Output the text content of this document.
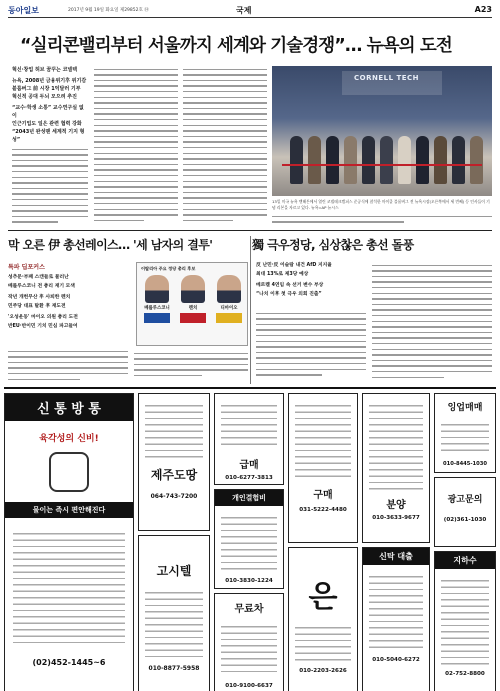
동아일보	2017년 9월 19일 화요일 제29852호 ⑭	국제	A23
“실리콘밸리부터 서울까지 세계와 기술경쟁”… 뉴욕의 도전
혁신·창업 허브 꿈꾸는 코넬텍
뉴욕, 2008년 금융위기후 위기감
블룸버그 前 시장 1억달러 기부
혁신적 공대 두뇌 모으려 추진
“교수·학생 소통” 교수연구실 없이
인근기업도 일은 관련 협력 강화
“2043년 완성땐 세계적 기지 형성”
CORNELL TECH
13일 미국 뉴욕 맨해튼에서 열린 코넬테크캠퍼스 준공식에 참석한 마이클 블룸버그 전 뉴욕시장(오른쪽에서 세 번째) 등 인사들이 기념 리본을 자르고 있다. 뉴욕=AP 뉴시스
막 오른 伊 총선레이스… '세 남자의 결투'
특파 딥포커스
성추문·부패 스캔들로 물러난
베를루스코니 전 총리 재기 모색
작년 개헌무산 후 사퇴한 렌치
민주당 대표 탈환 후 재도전
'오성운동' 마이오 의원 총리 도전
반EU·반이민 기치 민심 파고들어
이탈리아 주요 정당 총리 후보
베를루스코니	렌치	디마이오
獨 극우정당, 심상찮은 총선 돌풍
反 난민·反 이슬람 내건 AfD 지지율
최대 13%로 제3당 예상
메르켈 4연임 속 선거 변수 부상
“나치 이후 첫 극우 의회 진출”
신 통 방 통
육각성의 신비!
물이는 즉시 편안해진다
(02)452-1445~6
제주도땅
064-743-7200
고시텔
010-8877-5958
급매
010-6277-3813
개인결험비
010-3830-1224
무료차
010-9100-6637
구매
031-5222-4480
은
010-2203-2626
분양
010-3633-9677
신탁 대출
010-5040-6272
잉업매매
010-8445-1030
광고문의
(02)361-1030
지하수
02-752-8800
